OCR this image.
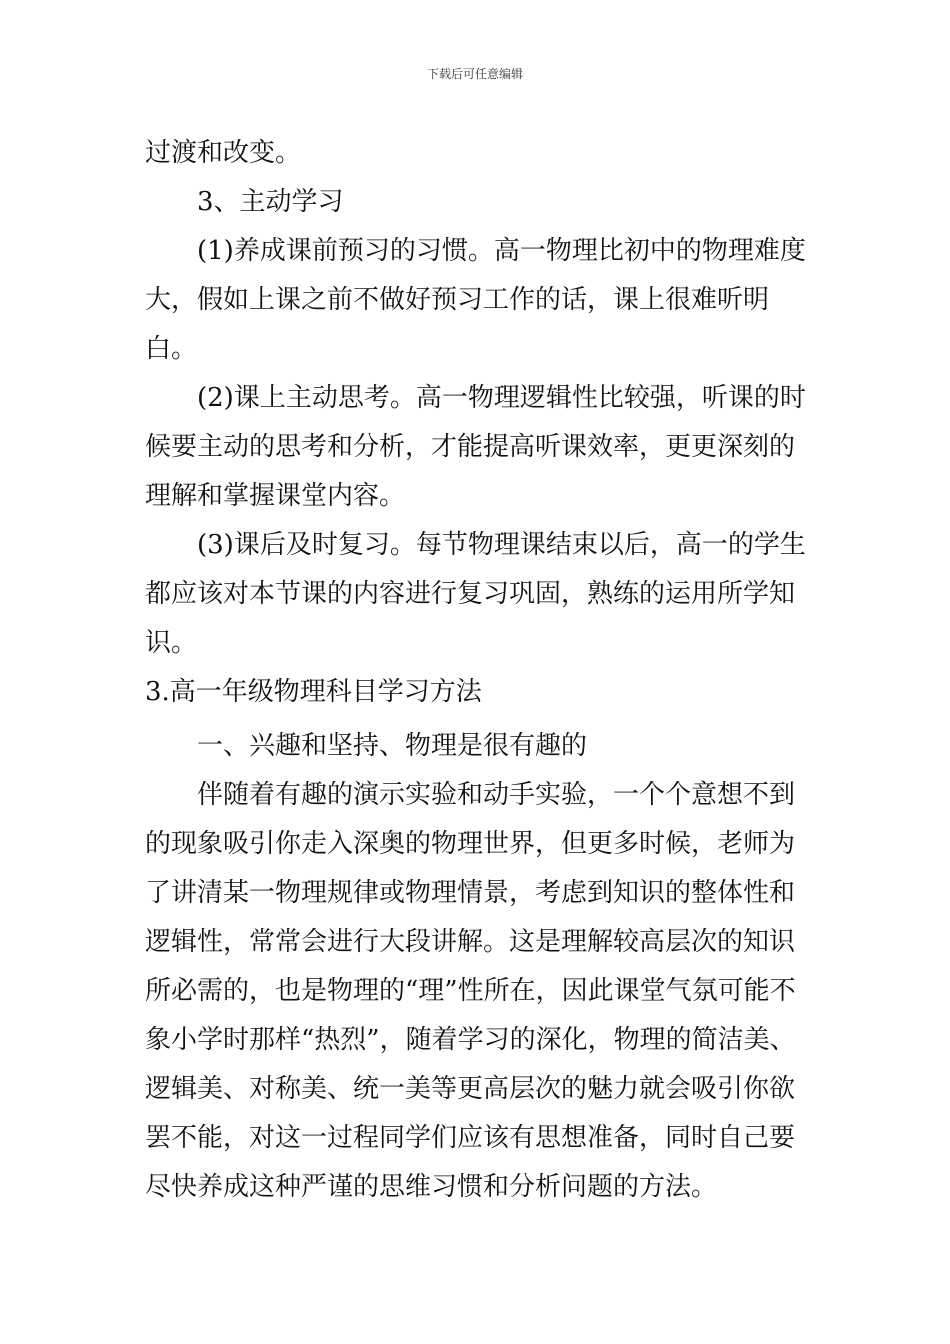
下载后可任意编辑

过渡和改变。

3、主动学习

(1)养成课前预习的习惯。高一物理比初中的物理难度大，假如上课之前不做好预习工作的话，课上很难听明白。

(2)课上主动思考。高一物理逻辑性比较强，听课的时候要主动的思考和分析，才能提高听课效率，更更深刻的理解和掌握课堂内容。

(3)课后及时复习。每节物理课结束以后，高一的学生都应该对本节课的内容进行复习巩固，熟练的运用所学知识。

3.高一年级物理科目学习方法

一、兴趣和坚持、物理是很有趣的

伴随着有趣的演示实验和动手实验，一个个意想不到的现象吸引你走入深奥的物理世界，但更多时候，老师为了讲清某一物理规律或物理情景，考虑到知识的整体性和逻辑性，常常会进行大段讲解。这是理解较高层次的知识所必需的，也是物理的“理”性所在，因此课堂气氛可能不象小学时那样“热烈”，随着学习的深化，物理的简洁美、逻辑美、对称美、统一美等更高层次的魅力就会吸引你欲罢不能，对这一过程同学们应该有思想准备，同时自己要尽快养成这种严谨的思维习惯和分析问题的方法。
